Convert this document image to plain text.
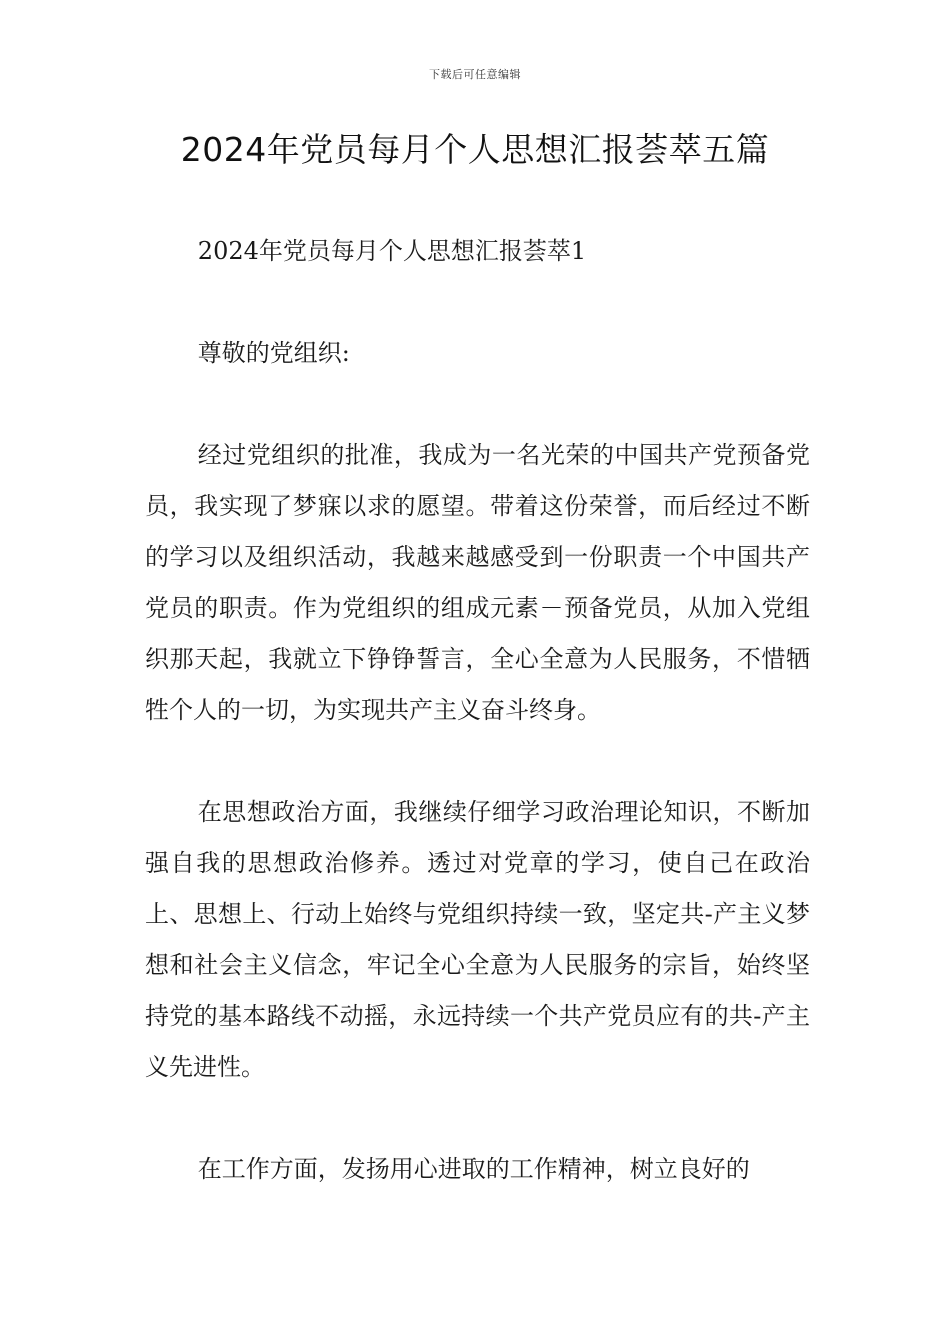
下载后可任意编辑
2024年党员每月个人思想汇报荟萃五篇

2024年党员每月个人思想汇报荟萃1

尊敬的党组织:

经过党组织的批准，我成为一名光荣的中国共产党预备党员，我实现了梦寐以求的愿望。带着这份荣誉，而后经过不断的学习以及组织活动，我越来越感受到一份职责一个中国共产党员的职责。作为党组织的组成元素－预备党员，从加入党组织那天起，我就立下铮铮誓言，全心全意为人民服务，不惜牺牲个人的一切，为实现共产主义奋斗终身。

在思想政治方面，我继续仔细学习政治理论知识，不断加强自我的思想政治修养。透过对党章的学习，使自己在政治上、思想上、行动上始终与党组织持续一致，坚定共-产主义梦想和社会主义信念，牢记全心全意为人民服务的宗旨，始终坚持党的基本路线不动摇，永远持续一个共产党员应有的共-产主义先进性。

在工作方面，发扬用心进取的工作精神，树立良好的
